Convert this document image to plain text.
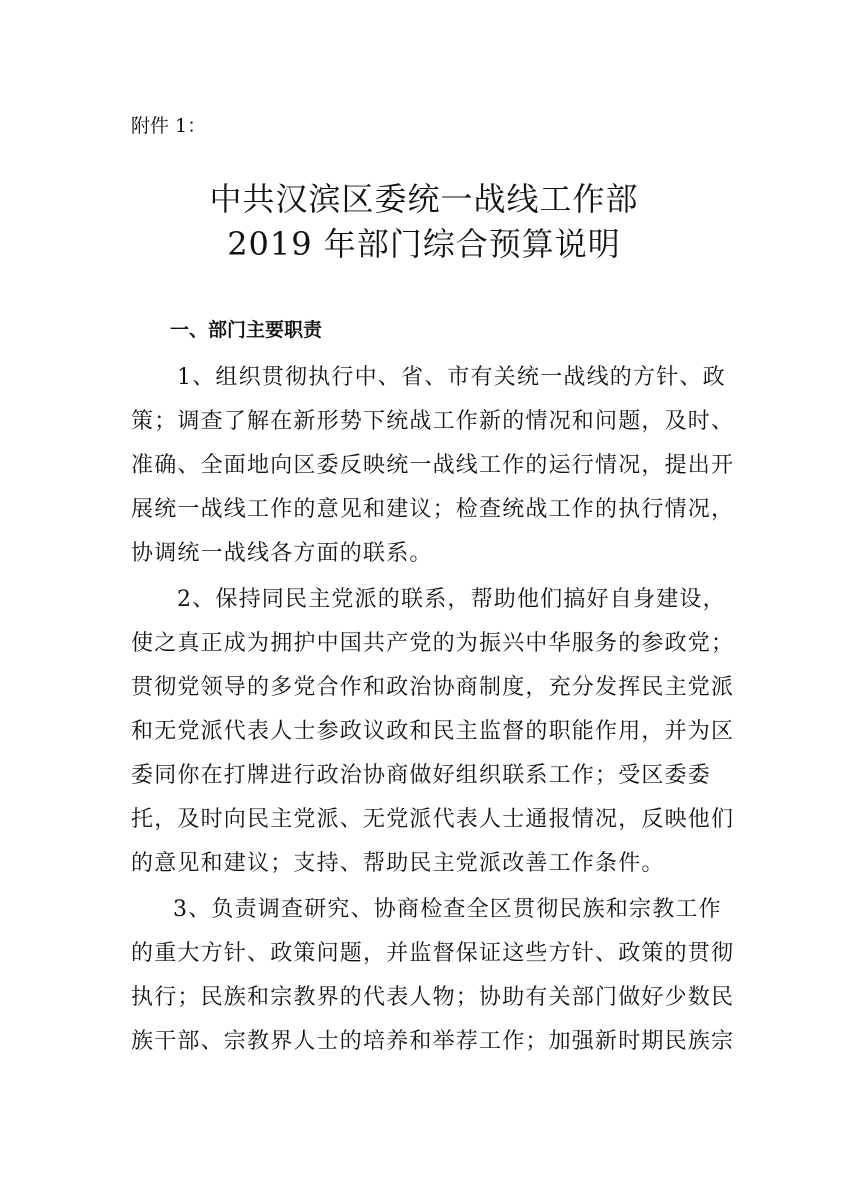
附件 1：
中共汉滨区委统一战线工作部
2019 年部门综合预算说明
一、部门主要职责
1、组织贯彻执行中、省、市有关统一战线的方针、政
策；调查了解在新形势下统战工作新的情况和问题，及时、
准确、全面地向区委反映统一战线工作的运行情况，提出开
展统一战线工作的意见和建议；检查统战工作的执行情况，
协调统一战线各方面的联系。
2、保持同民主党派的联系，帮助他们搞好自身建设，
使之真正成为拥护中国共产党的为振兴中华服务的参政党；
贯彻党领导的多党合作和政治协商制度，充分发挥民主党派
和无党派代表人士参政议政和民主监督的职能作用，并为区
委同你在打牌进行政治协商做好组织联系工作；受区委委
托，及时向民主党派、无党派代表人士通报情况，反映他们
的意见和建议；支持、帮助民主党派改善工作条件。
3、负责调查研究、协商检查全区贯彻民族和宗教工作
的重大方针、政策问题，并监督保证这些方针、政策的贯彻
执行；民族和宗教界的代表人物；协助有关部门做好少数民
族干部、宗教界人士的培养和举荐工作；加强新时期民族宗
